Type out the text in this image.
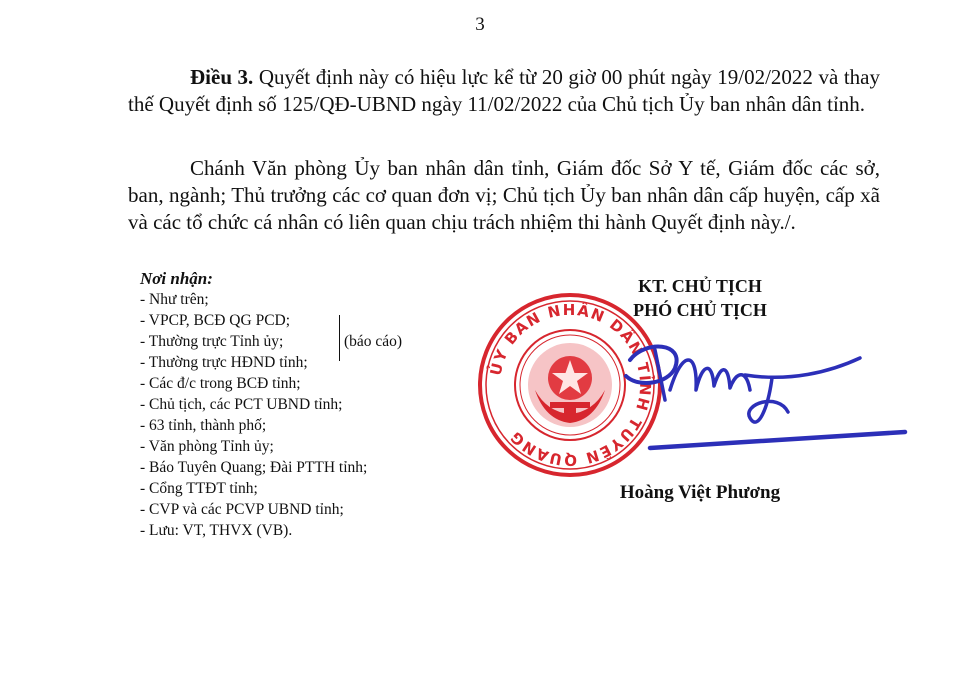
3
Điều 3. Quyết định này có hiệu lực kể từ 20 giờ 00 phút ngày 19/02/2022 và thay thế Quyết định số 125/QĐ-UBND ngày 11/02/2022 của Chủ tịch Ủy ban nhân dân tỉnh.
Chánh Văn phòng Ủy ban nhân dân tỉnh, Giám đốc Sở Y tế, Giám đốc các sở, ban, ngành; Thủ trưởng các cơ quan đơn vị; Chủ tịch Ủy ban nhân dân cấp huyện, cấp xã và các tổ chức cá nhân có liên quan chịu trách nhiệm thi hành Quyết định này./.
Nơi nhận:
- Như trên;
- VPCP, BCĐ QG PCD;
- Thường trực Tỉnh ủy;
- Thường trực HĐND tỉnh;
- Các đ/c trong BCĐ tỉnh;
- Chủ tịch, các PCT UBND tỉnh;
- 63 tỉnh, thành phố;
- Văn phòng Tỉnh ủy;
- Báo Tuyên Quang; Đài PTTH tỉnh;
- Cổng TTĐT tỉnh;
- CVP và các PCVP UBND tỉnh;
- Lưu: VT, THVX (VB).
(báo cáo)
KT. CHỦ TỊCH
PHÓ CHỦ TỊCH
ỦY BAN NHÂN DÂN TỈNH TUYÊN QUANG
Hoàng Việt Phương
